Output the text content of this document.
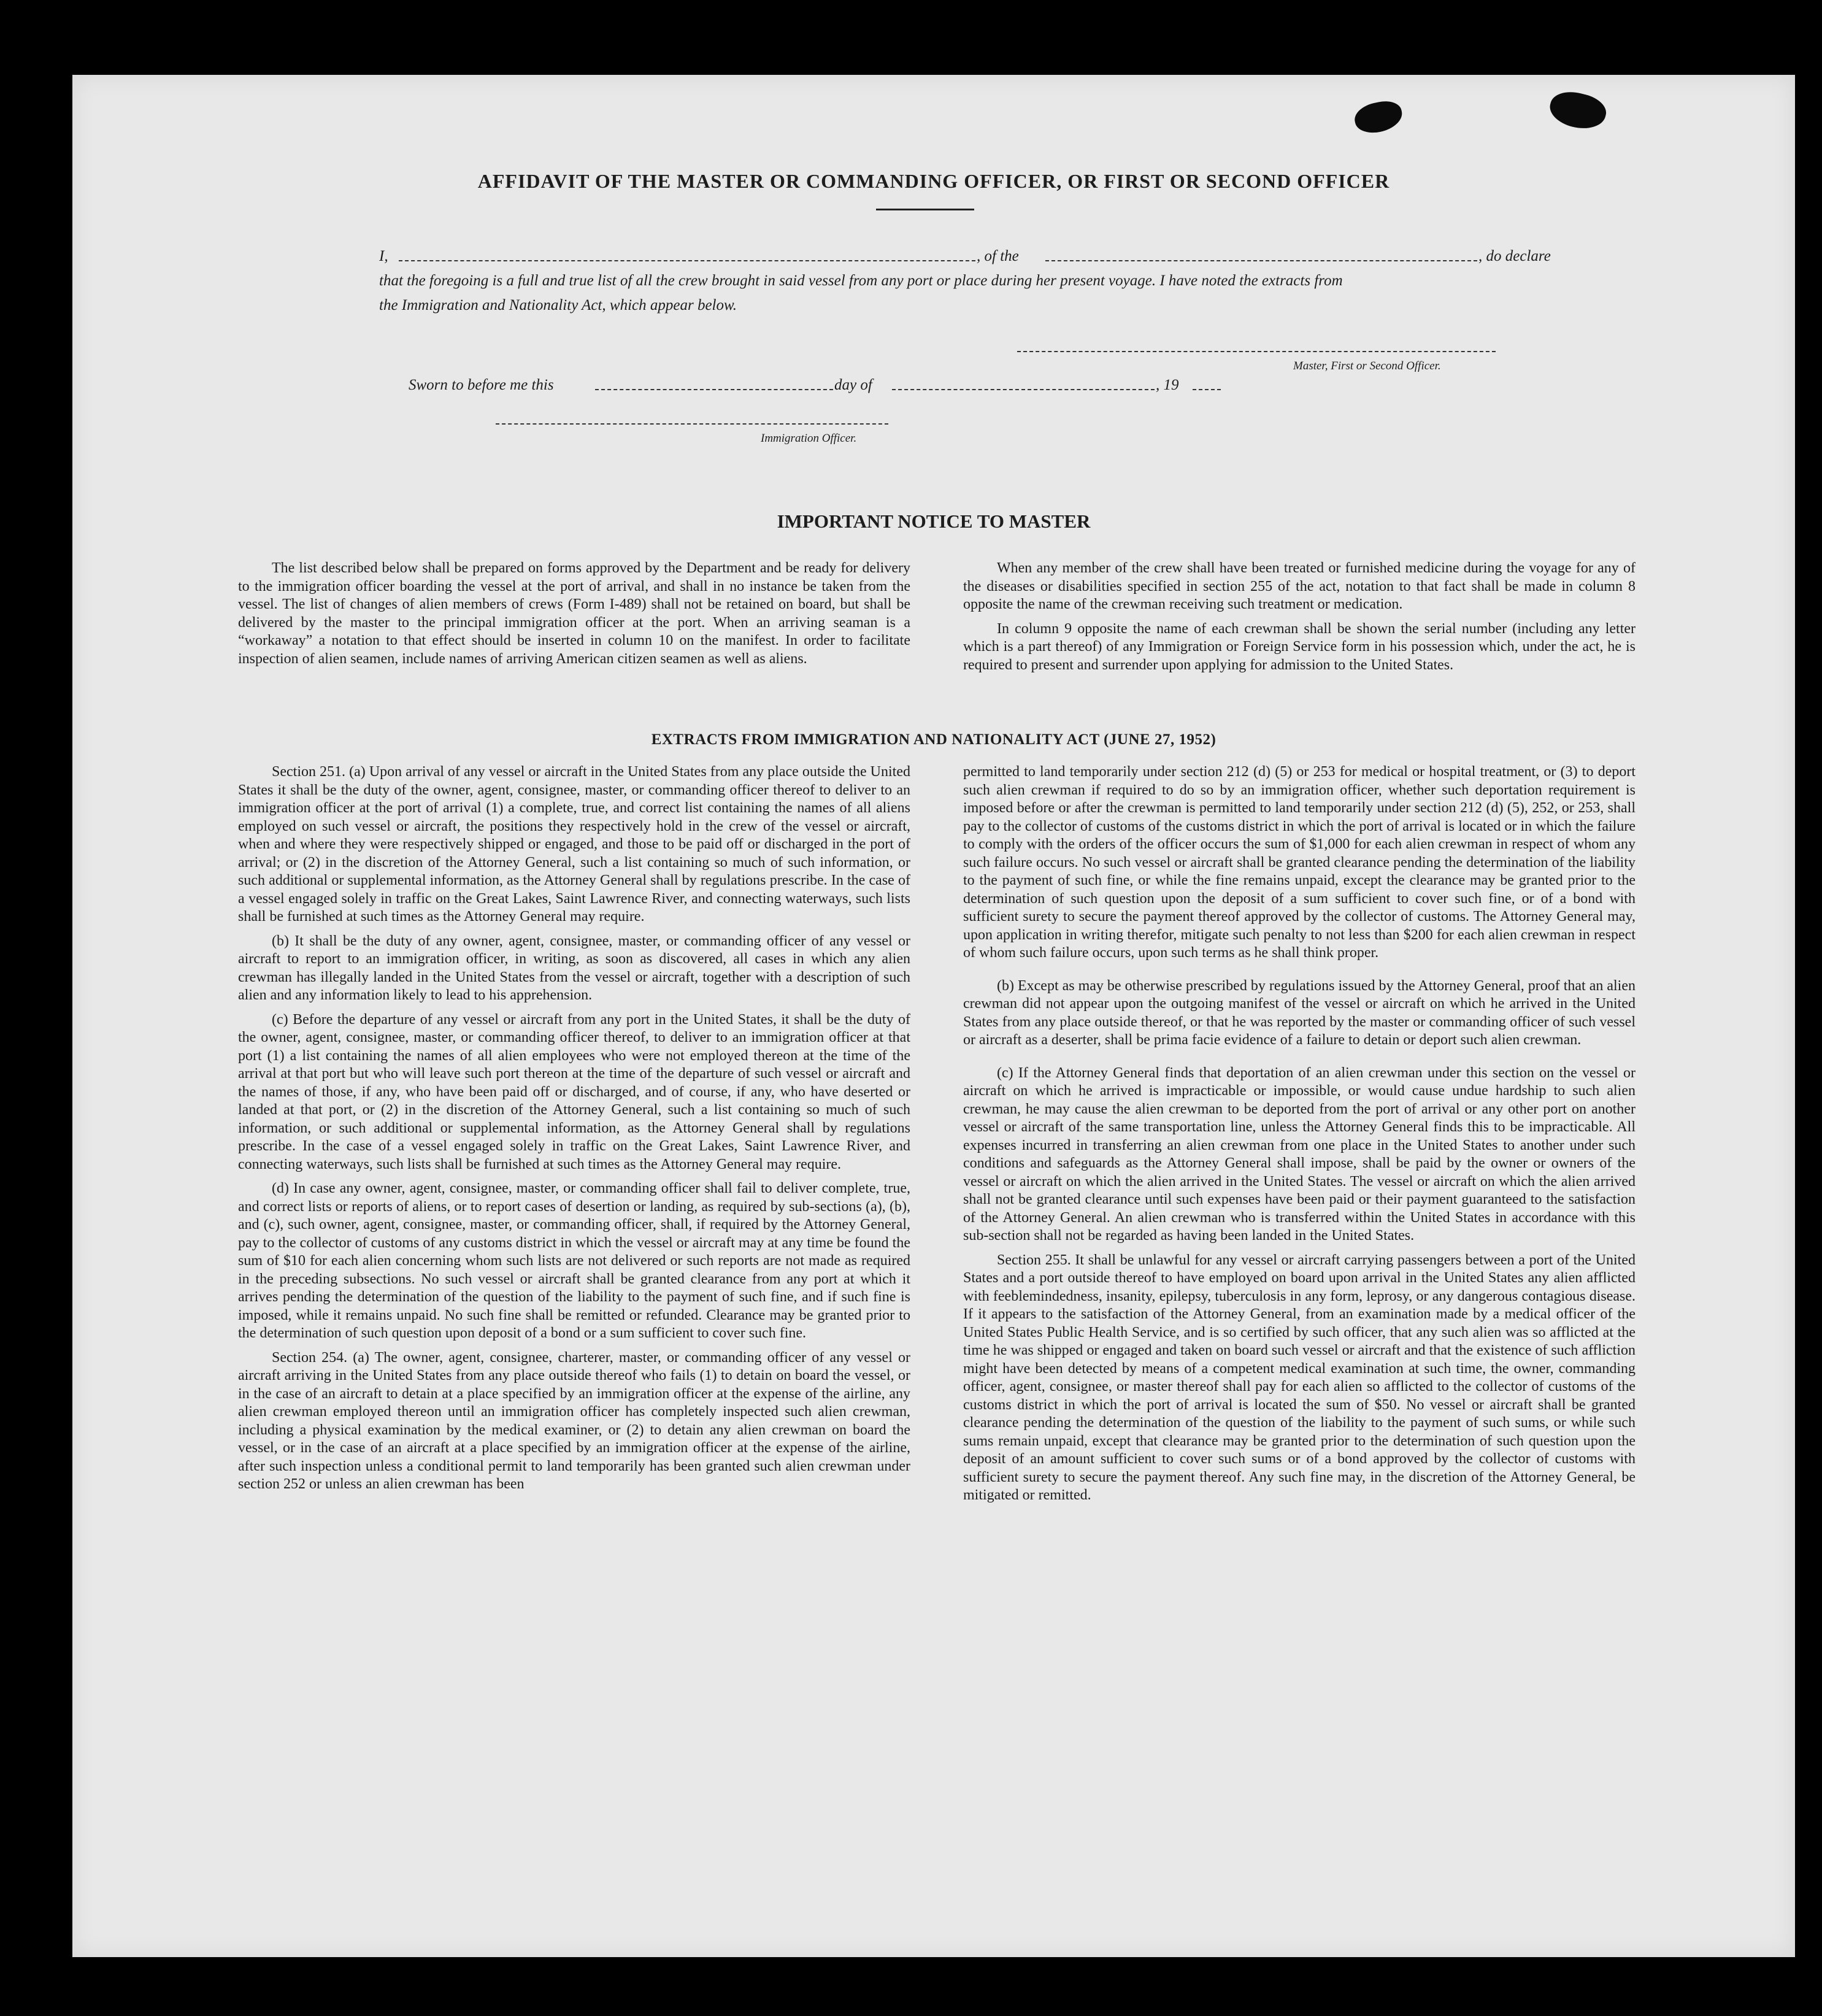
AFFIDAVIT OF THE MASTER OR COMMANDING OFFICER, OR FIRST OR SECOND OFFICER
I,	, of the	, do declare
that the foregoing is a full and true list of all the crew brought in said vessel from any port or place during her present voyage. I have noted the extracts from
the Immigration and Nationality Act, which appear below.
Master, First or Second Officer.
Sworn to before me this	day of	, 19
Immigration Officer.
IMPORTANT NOTICE TO MASTER

The list described below shall be prepared on forms approved by the Department and be ready for delivery to the immigration officer boarding the vessel at the port of arrival, and shall in no instance be taken from the vessel. The list of changes of alien members of crews (Form I-489) shall not be retained on board, but shall be delivered by the master to the principal immigration officer at the port. When an arriving seaman is a “workaway” a notation to that effect should be inserted in column 10 on the manifest. In order to facilitate inspection of alien seamen, include names of arriving American citizen seamen as well as aliens.

When any member of the crew shall have been treated or furnished medicine during the voyage for any of the diseases or disabilities specified in section 255 of the act, notation to that fact shall be made in column 8 opposite the name of the crewman receiving such treatment or medication.

In column 9 opposite the name of each crewman shall be shown the serial number (including any letter which is a part thereof) of any Immigration or Foreign Service form in his possession which, under the act, he is required to present and surrender upon applying for admission to the United States.

EXTRACTS FROM IMMIGRATION AND NATIONALITY ACT (JUNE 27, 1952)

Section 251. (a) Upon arrival of any vessel or aircraft in the United States from any place outside the United States it shall be the duty of the owner, agent, consignee, master, or commanding officer thereof to deliver to an immigration officer at the port of arrival (1) a complete, true, and correct list containing the names of all aliens employed on such vessel or aircraft, the positions they respectively hold in the crew of the vessel or aircraft, when and where they were respectively shipped or engaged, and those to be paid off or discharged in the port of arrival; or (2) in the discretion of the Attorney General, such a list containing so much of such information, or such additional or supplemental information, as the Attorney General shall by regulations prescribe. In the case of a vessel engaged solely in traffic on the Great Lakes, Saint Lawrence River, and connecting waterways, such lists shall be furnished at such times as the Attorney General may require.

(b) It shall be the duty of any owner, agent, consignee, master, or commanding officer of any vessel or aircraft to report to an immigration officer, in writing, as soon as discovered, all cases in which any alien crewman has illegally landed in the United States from the vessel or aircraft, together with a description of such alien and any information likely to lead to his apprehension.

(c) Before the departure of any vessel or aircraft from any port in the United States, it shall be the duty of the owner, agent, consignee, master, or commanding officer thereof, to deliver to an immigration officer at that port (1) a list containing the names of all alien employees who were not employed thereon at the time of the arrival at that port but who will leave such port thereon at the time of the departure of such vessel or aircraft and the names of those, if any, who have been paid off or discharged, and of course, if any, who have deserted or landed at that port, or (2) in the discretion of the Attorney General, such a list containing so much of such information, or such additional or supplemental information, as the Attorney General shall by regulations prescribe. In the case of a vessel engaged solely in traffic on the Great Lakes, Saint Lawrence River, and connecting waterways, such lists shall be furnished at such times as the Attorney General may require.

(d) In case any owner, agent, consignee, master, or commanding officer shall fail to deliver complete, true, and correct lists or reports of aliens, or to report cases of desertion or landing, as required by sub-sections (a), (b), and (c), such owner, agent, consignee, master, or commanding officer, shall, if required by the Attorney General, pay to the collector of customs of any customs district in which the vessel or aircraft may at any time be found the sum of $10 for each alien concerning whom such lists are not delivered or such reports are not made as required in the preceding subsections. No such vessel or aircraft shall be granted clearance from any port at which it arrives pending the determination of the question of the liability to the payment of such fine, and if such fine is imposed, while it remains unpaid. No such fine shall be remitted or refunded. Clearance may be granted prior to the determination of such question upon deposit of a bond or a sum sufficient to cover such fine.

Section 254. (a) The owner, agent, consignee, charterer, master, or commanding officer of any vessel or aircraft arriving in the United States from any place outside thereof who fails (1) to detain on board the vessel, or in the case of an aircraft to detain at a place specified by an immigration officer at the expense of the airline, any alien crewman employed thereon until an immigration officer has completely inspected such alien crewman, including a physical examination by the medical examiner, or (2) to detain any alien crewman on board the vessel, or in the case of an aircraft at a place specified by an immigration officer at the expense of the airline, after such inspection unless a conditional permit to land temporarily has been granted such alien crewman under section 252 or unless an alien crewman has been

permitted to land temporarily under section 212 (d) (5) or 253 for medical or hospital treatment, or (3) to deport such alien crewman if required to do so by an immigration officer, whether such deportation requirement is imposed before or after the crewman is permitted to land temporarily under section 212 (d) (5), 252, or 253, shall pay to the collector of customs of the customs district in which the port of arrival is located or in which the failure to comply with the orders of the officer occurs the sum of $1,000 for each alien crewman in respect of whom any such failure occurs. No such vessel or aircraft shall be granted clearance pending the determination of the liability to the payment of such fine, or while the fine remains unpaid, except the clearance may be granted prior to the determination of such question upon the deposit of a sum sufficient to cover such fine, or of a bond with sufficient surety to secure the payment thereof approved by the collector of customs. The Attorney General may, upon application in writing therefor, mitigate such penalty to not less than $200 for each alien crewman in respect of whom such failure occurs, upon such terms as he shall think proper.

(b) Except as may be otherwise prescribed by regulations issued by the Attorney General, proof that an alien crewman did not appear upon the outgoing manifest of the vessel or aircraft on which he arrived in the United States from any place outside thereof, or that he was reported by the master or commanding officer of such vessel or aircraft as a deserter, shall be prima facie evidence of a failure to detain or deport such alien crewman.

(c) If the Attorney General finds that deportation of an alien crewman under this section on the vessel or aircraft on which he arrived is impracticable or impossible, or would cause undue hardship to such alien crewman, he may cause the alien crewman to be deported from the port of arrival or any other port on another vessel or aircraft of the same transportation line, unless the Attorney General finds this to be impracticable. All expenses incurred in transferring an alien crewman from one place in the United States to another under such conditions and safeguards as the Attorney General shall impose, shall be paid by the owner or owners of the vessel or aircraft on which the alien arrived in the United States. The vessel or aircraft on which the alien arrived shall not be granted clearance until such expenses have been paid or their payment guaranteed to the satisfaction of the Attorney General. An alien crewman who is transferred within the United States in accordance with this sub-section shall not be regarded as having been landed in the United States.

Section 255. It shall be unlawful for any vessel or aircraft carrying passengers between a port of the United States and a port outside thereof to have employed on board upon arrival in the United States any alien afflicted with feeblemindedness, insanity, epilepsy, tuberculosis in any form, leprosy, or any dangerous contagious disease. If it appears to the satisfaction of the Attorney General, from an examination made by a medical officer of the United States Public Health Service, and is so certified by such officer, that any such alien was so afflicted at the time he was shipped or engaged and taken on board such vessel or aircraft and that the existence of such affliction might have been detected by means of a competent medical examination at such time, the owner, commanding officer, agent, consignee, or master thereof shall pay for each alien so afflicted to the collector of customs of the customs district in which the port of arrival is located the sum of $50. No vessel or aircraft shall be granted clearance pending the determination of the question of the liability to the payment of such sums, or while such sums remain unpaid, except that clearance may be granted prior to the determination of such question upon the deposit of an amount sufficient to cover such sums or of a bond approved by the collector of customs with sufficient surety to secure the payment thereof. Any such fine may, in the discretion of the Attorney General, be mitigated or remitted.
